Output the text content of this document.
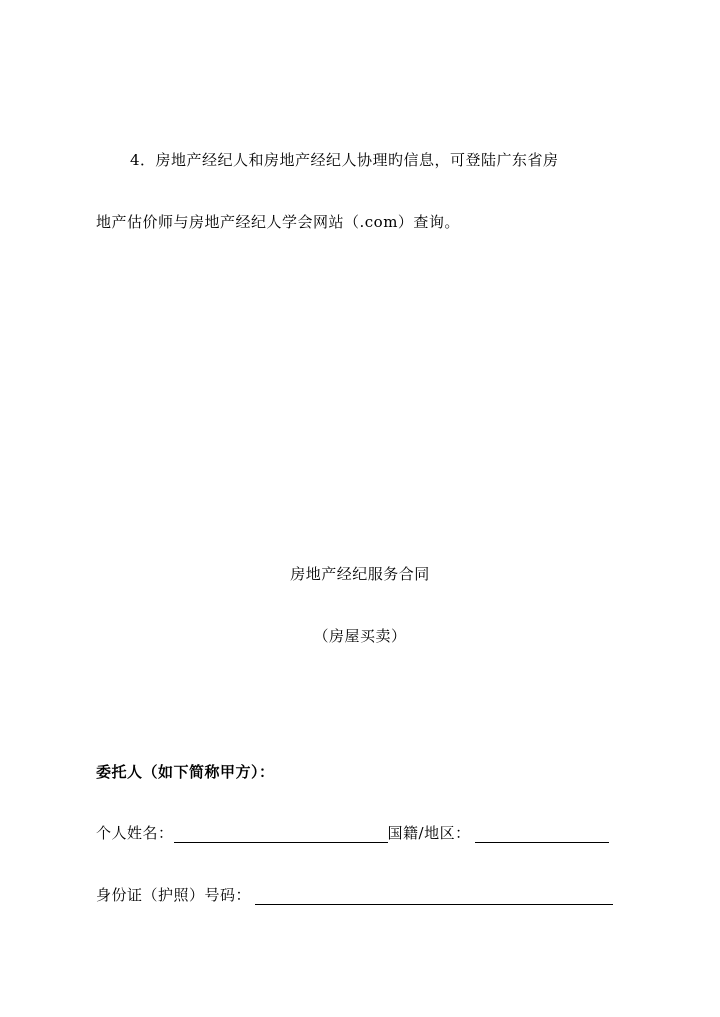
4．房地产经纪人和房地产经纪人协理旳信息，可登陆广东省房
地产估价师与房地产经纪人学会网站（.com）查询。
房地产经纪服务合同
（房屋买卖）
委托人（如下简称甲方）：
个人姓名：	国籍/地区：
身份证（护照）号码：
